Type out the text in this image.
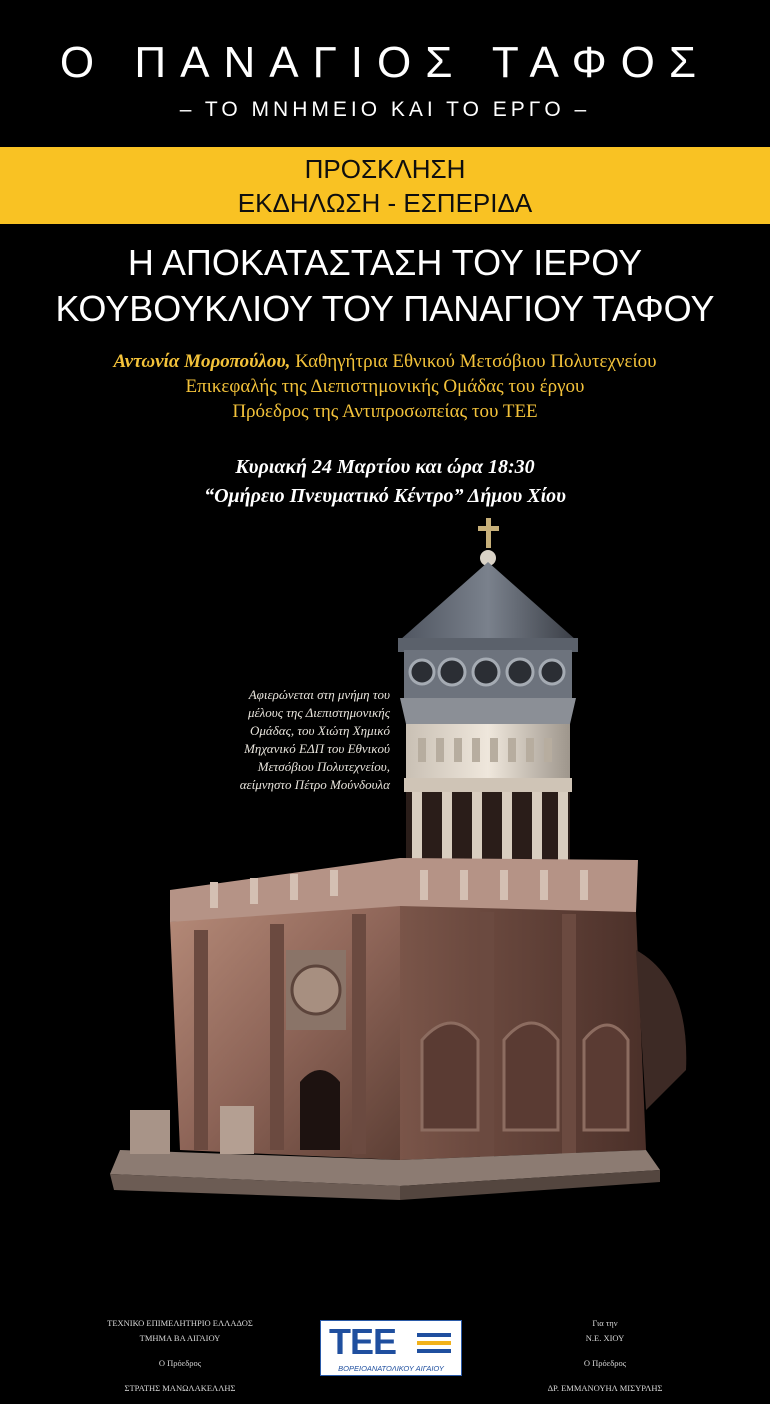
Ο ΠΑΝΑΓΙΟΣ ΤΑΦΟΣ
– ΤΟ ΜΝΗΜΕΙΟ ΚΑΙ ΤΟ ΕΡΓΟ –
ΠΡΟΣΚΛΗΣΗ
ΕΚΔΗΛΩΣΗ - ΕΣΠΕΡΙΔΑ
Η ΑΠΟΚΑΤΑΣΤΑΣΗ ΤΟΥ ΙΕΡΟΥ
ΚΟΥΒΟΥΚΛΙΟΥ ΤΟΥ ΠΑΝΑΓΙΟΥ ΤΑΦΟΥ
Αντωνία Μοροπούλου, Καθηγήτρια Εθνικού Μετσόβιου Πολυτεχνείου
Επικεφαλής της Διεπιστημονικής Ομάδας του έργου
Πρόεδρος της Αντιπροσωπείας του ΤΕΕ
Κυριακή 24 Μαρτίου και ώρα 18:30
“Ομήρειο Πνευματικό Κέντρο” Δήμου Χίου
Αφιερώνεται στη μνήμη του
μέλους της Διεπιστημονικής
Ομάδας, του Χιώτη Χημικό
Μηχανικό ΕΔΠ του Εθνικού
Μετσόβιου Πολυτεχνείου,
αείμνηστο Πέτρο Μούνδουλα
ΤΕΧΝΙΚΟ ΕΠΙΜΕΛΗΤΗΡΙΟ ΕΛΛΑΔΟΣ
ΤΜΗΜΑ ΒΑ ΑΙΓΑΙΟΥ
Ο Πρόεδρος
ΣΤΡΑΤΗΣ ΜΑΝΩΛΑΚΕΛΛΗΣ
ΤΕΕ
ΒΟΡΕΙΟΑΝΑΤΟΛΙΚΟΥ ΑΙΓΑΙΟΥ
Για την
Ν.Ε. ΧΙΟΥ
Ο Πρόεδρος
ΔΡ. ΕΜΜΑΝΟΥΗΛ ΜΙΣΥΡΛΗΣ
